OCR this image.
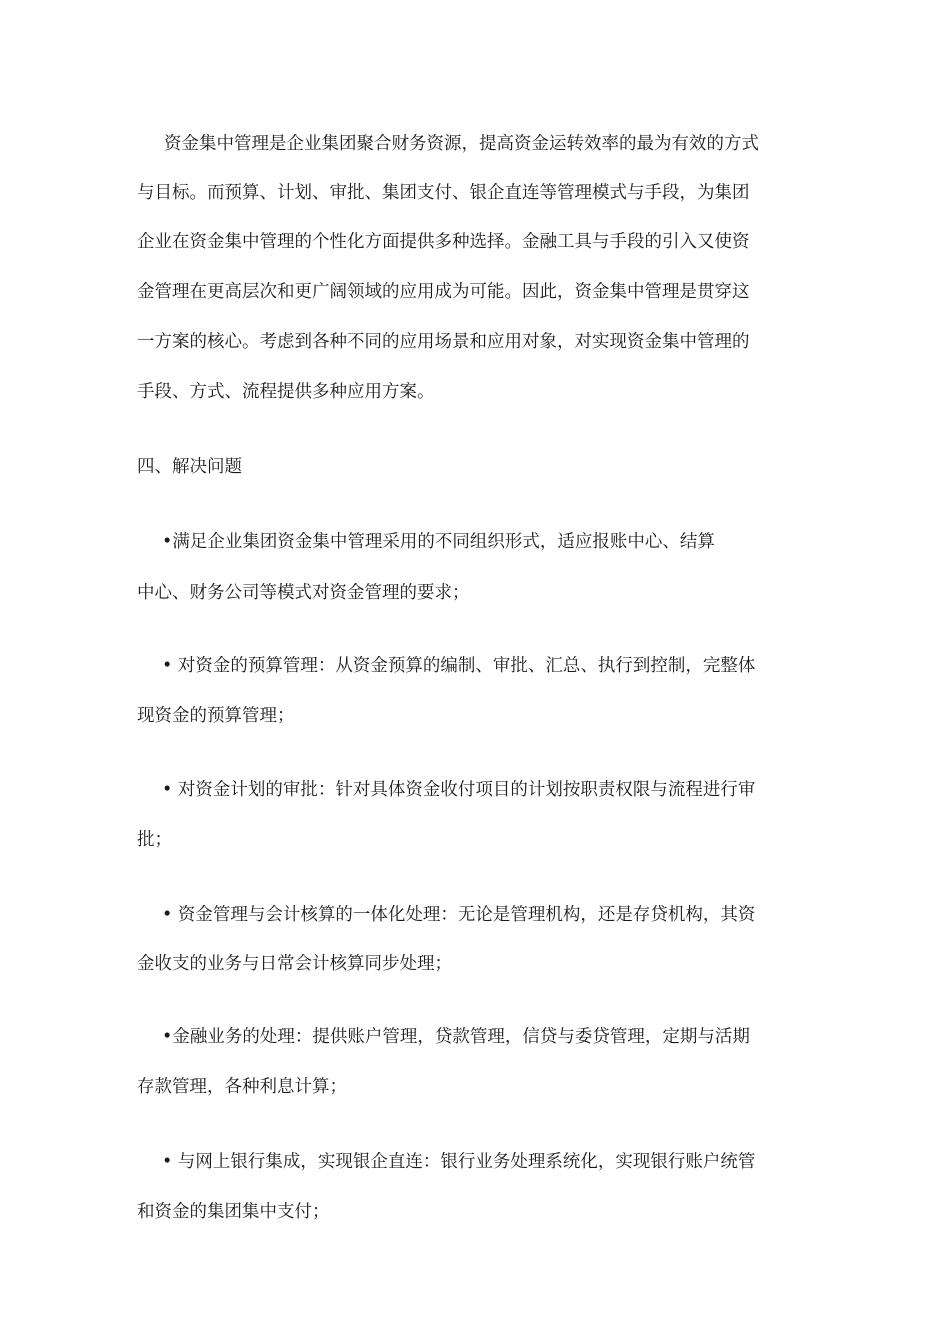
资金集中管理是企业集团聚合财务资源，提高资金运转效率的最为有效的方式
与目标。而预算、计划、审批、集团支付、银企直连等管理模式与手段，为集团
企业在资金集中管理的个性化方面提供多种选择。金融工具与手段的引入又使资
金管理在更高层次和更广阔领域的应用成为可能。因此，资金集中管理是贯穿这
一方案的核心。考虑到各种不同的应用场景和应用对象，对实现资金集中管理的
手段、方式、流程提供多种应用方案。
四、解决问题
•满足企业集团资金集中管理采用的不同组织形式，适应报账中心、结算
中心、财务公司等模式对资金管理的要求；
• 对资金的预算管理：从资金预算的编制、审批、汇总、执行到控制，完整体
现资金的预算管理；
• 对资金计划的审批：针对具体资金收付项目的计划按职责权限与流程进行审
批；
• 资金管理与会计核算的一体化处理：无论是管理机构，还是存贷机构，其资
金收支的业务与日常会计核算同步处理；
•金融业务的处理：提供账户管理，贷款管理，信贷与委贷管理，定期与活期
存款管理，各种利息计算；
• 与网上银行集成，实现银企直连：银行业务处理系统化，实现银行账户统管
和资金的集团集中支付；
